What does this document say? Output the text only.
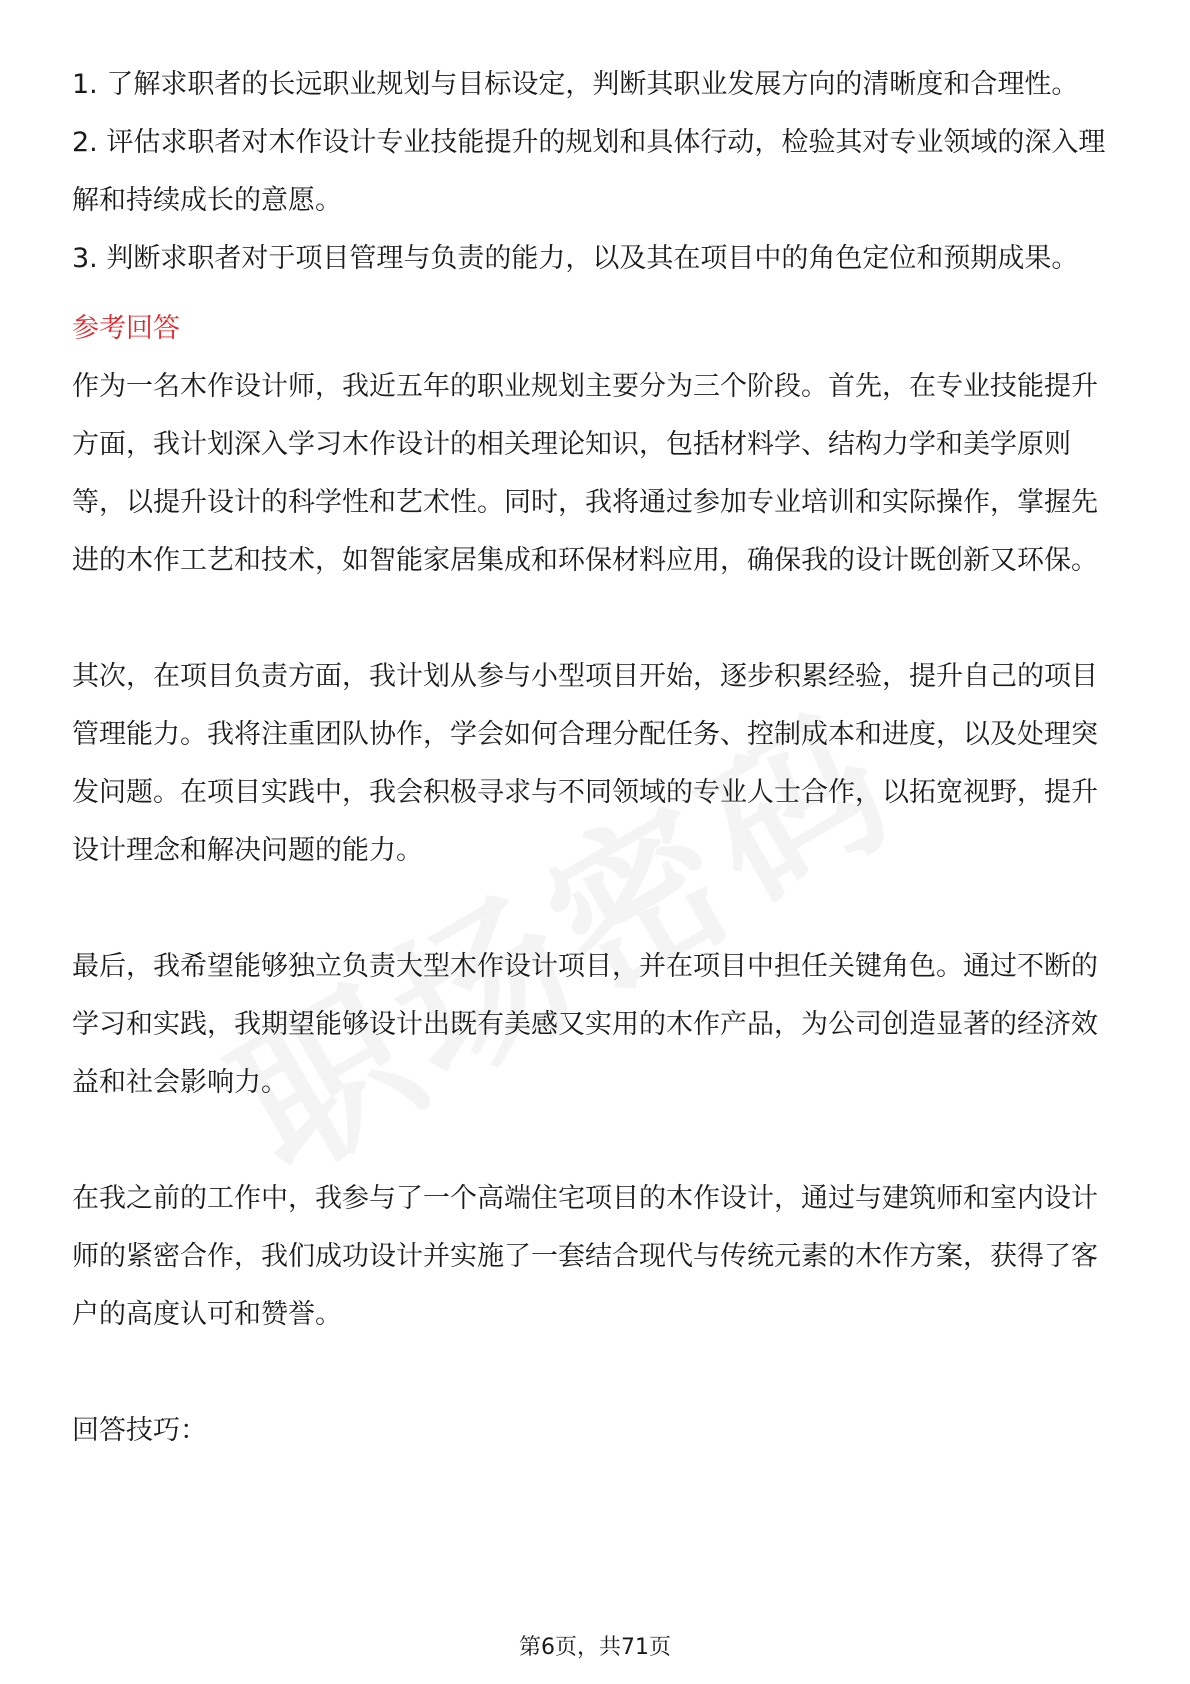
1. 了解求职者的长远职业规划与目标设定，判断其职业发展方向的清晰度和合理性。

2. 评估求职者对木作设计专业技能提升的规划和具体行动，检验其对专业领域的深入理解和持续成长的意愿。

3. 判断求职者对于项目管理与负责的能力，以及其在项目中的角色定位和预期成果。

参考回答

作为一名木作设计师，我近五年的职业规划主要分为三个阶段。首先，在专业技能提升方面，我计划深入学习木作设计的相关理论知识，包括材料学、结构力学和美学原则等，以提升设计的科学性和艺术性。同时，我将通过参加专业培训和实际操作，掌握先进的木作工艺和技术，如智能家居集成和环保材料应用，确保我的设计既创新又环保。

其次，在项目负责方面，我计划从参与小型项目开始，逐步积累经验，提升自己的项目管理能力。我将注重团队协作，学会如何合理分配任务、控制成本和进度，以及处理突发问题。在项目实践中，我会积极寻求与不同领域的专业人士合作，以拓宽视野，提升设计理念和解决问题的能力。

最后，我希望能够独立负责大型木作设计项目，并在项目中担任关键角色。通过不断的学习和实践，我期望能够设计出既有美感又实用的木作产品，为公司创造显著的经济效益和社会影响力。

在我之前的工作中，我参与了一个高端住宅项目的木作设计，通过与建筑师和室内设计师的紧密合作，我们成功设计并实施了一套结合现代与传统元素的木作方案，获得了客户的高度认可和赞誉。

回答技巧：

第6页，共71页
